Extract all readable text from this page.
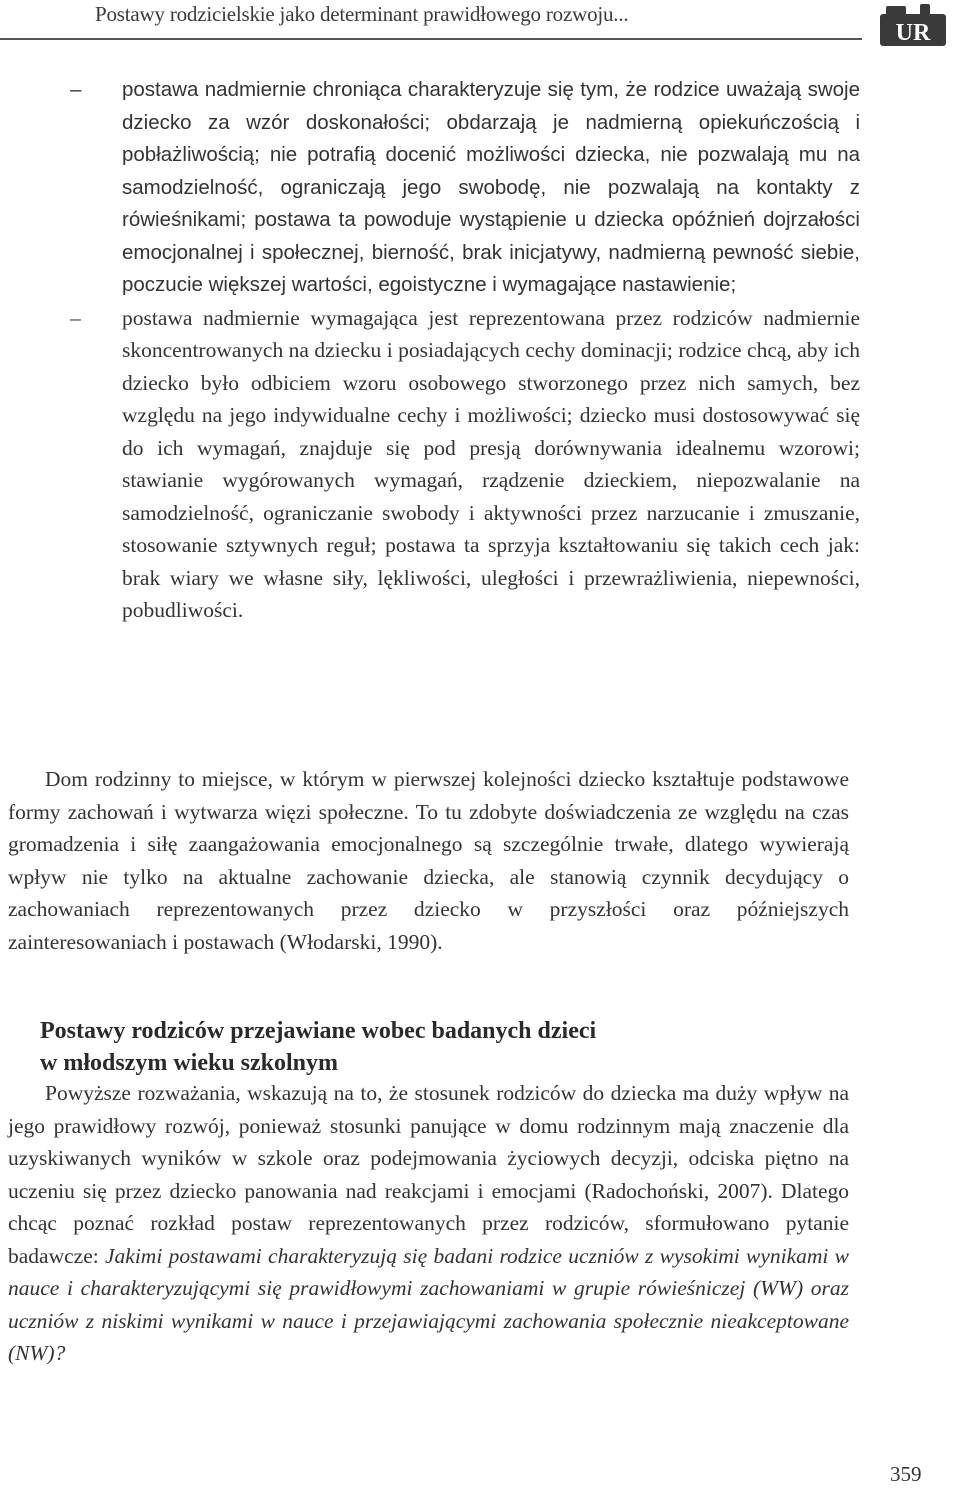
Postawy rodzicielskie jako determinant prawidłowego rozwoju...
UR
– postawa nadmiernie chroniąca charakteryzuje się tym, że rodzice uważają swoje dziecko za wzór doskonałości; obdarzają je nadmierną opiekuńczością i pobłażliwością; nie potrafią docenić możliwości dziecka, nie pozwalają mu na samodzielność, ograniczają jego swobodę, nie pozwalają na kontakty z rówieśnikami; postawa ta powoduje wystąpienie u dziecka opóźnień dojrzałości emocjonalnej i społecznej, bierność, brak inicjatywy, nadmierną pewność siebie, poczucie większej wartości, egoistyczne i wymagające nastawienie;
– postawa nadmiernie wymagająca jest reprezentowana przez rodziców nadmiernie skoncentrowanych na dziecku i posiadających cechy dominacji; rodzice chcą, aby ich dziecko było odbiciem wzoru osobowego stworzonego przez nich samych, bez względu na jego indywidualne cechy i możliwości; dziecko musi dostosowywać się do ich wymagań, znajduje się pod presją dorównywania idealnemu wzorowi; stawianie wygórowanych wymagań, rządzenie dzieckiem, niepozwalanie na samodzielność, ograniczanie swobody i aktywności przez narzucanie i zmuszanie, stosowanie sztywnych reguł; postawa ta sprzyja kształtowaniu się takich cech jak: brak wiary we własne siły, lękliwości, uległości i przewrażliwienia, niepewności, pobudliwości.

Dom rodzinny to miejsce, w którym w pierwszej kolejności dziecko kształtuje podstawowe formy zachowań i wytwarza więzi społeczne. To tu zdobyte doświadczenia ze względu na czas gromadzenia i siłę zaangażowania emocjonalnego są szczególnie trwałe, dlatego wywierają wpływ nie tylko na aktualne zachowanie dziecka, ale stanowią czynnik decydujący o zachowaniach reprezentowanych przez dziecko w przyszłości oraz późniejszych zainteresowaniach i postawach (Włodarski, 1990).

Postawy rodziców przejawiane wobec badanych dzieci
w młodszym wieku szkolnym

Powyższe rozważania, wskazują na to, że stosunek rodziców do dziecka ma duży wpływ na jego prawidłowy rozwój, ponieważ stosunki panujące w domu rodzinnym mają znaczenie dla uzyskiwanych wyników w szkole oraz podejmowania życiowych decyzji, odciska piętno na uczeniu się przez dziecko panowania nad reakcjami i emocjami (Radochoński, 2007). Dlatego chcąc poznać rozkład postaw reprezentowanych przez rodziców, sformułowano pytanie badawcze: Jakimi postawami charakteryzują się badani rodzice uczniów z wysokimi wynikami w nauce i charakteryzującymi się prawidłowymi zachowaniami w grupie rówieśniczej (WW) oraz uczniów z niskimi wynikami w nauce i przejawiającymi zachowania społecznie nieakceptowane (NW)?

359
